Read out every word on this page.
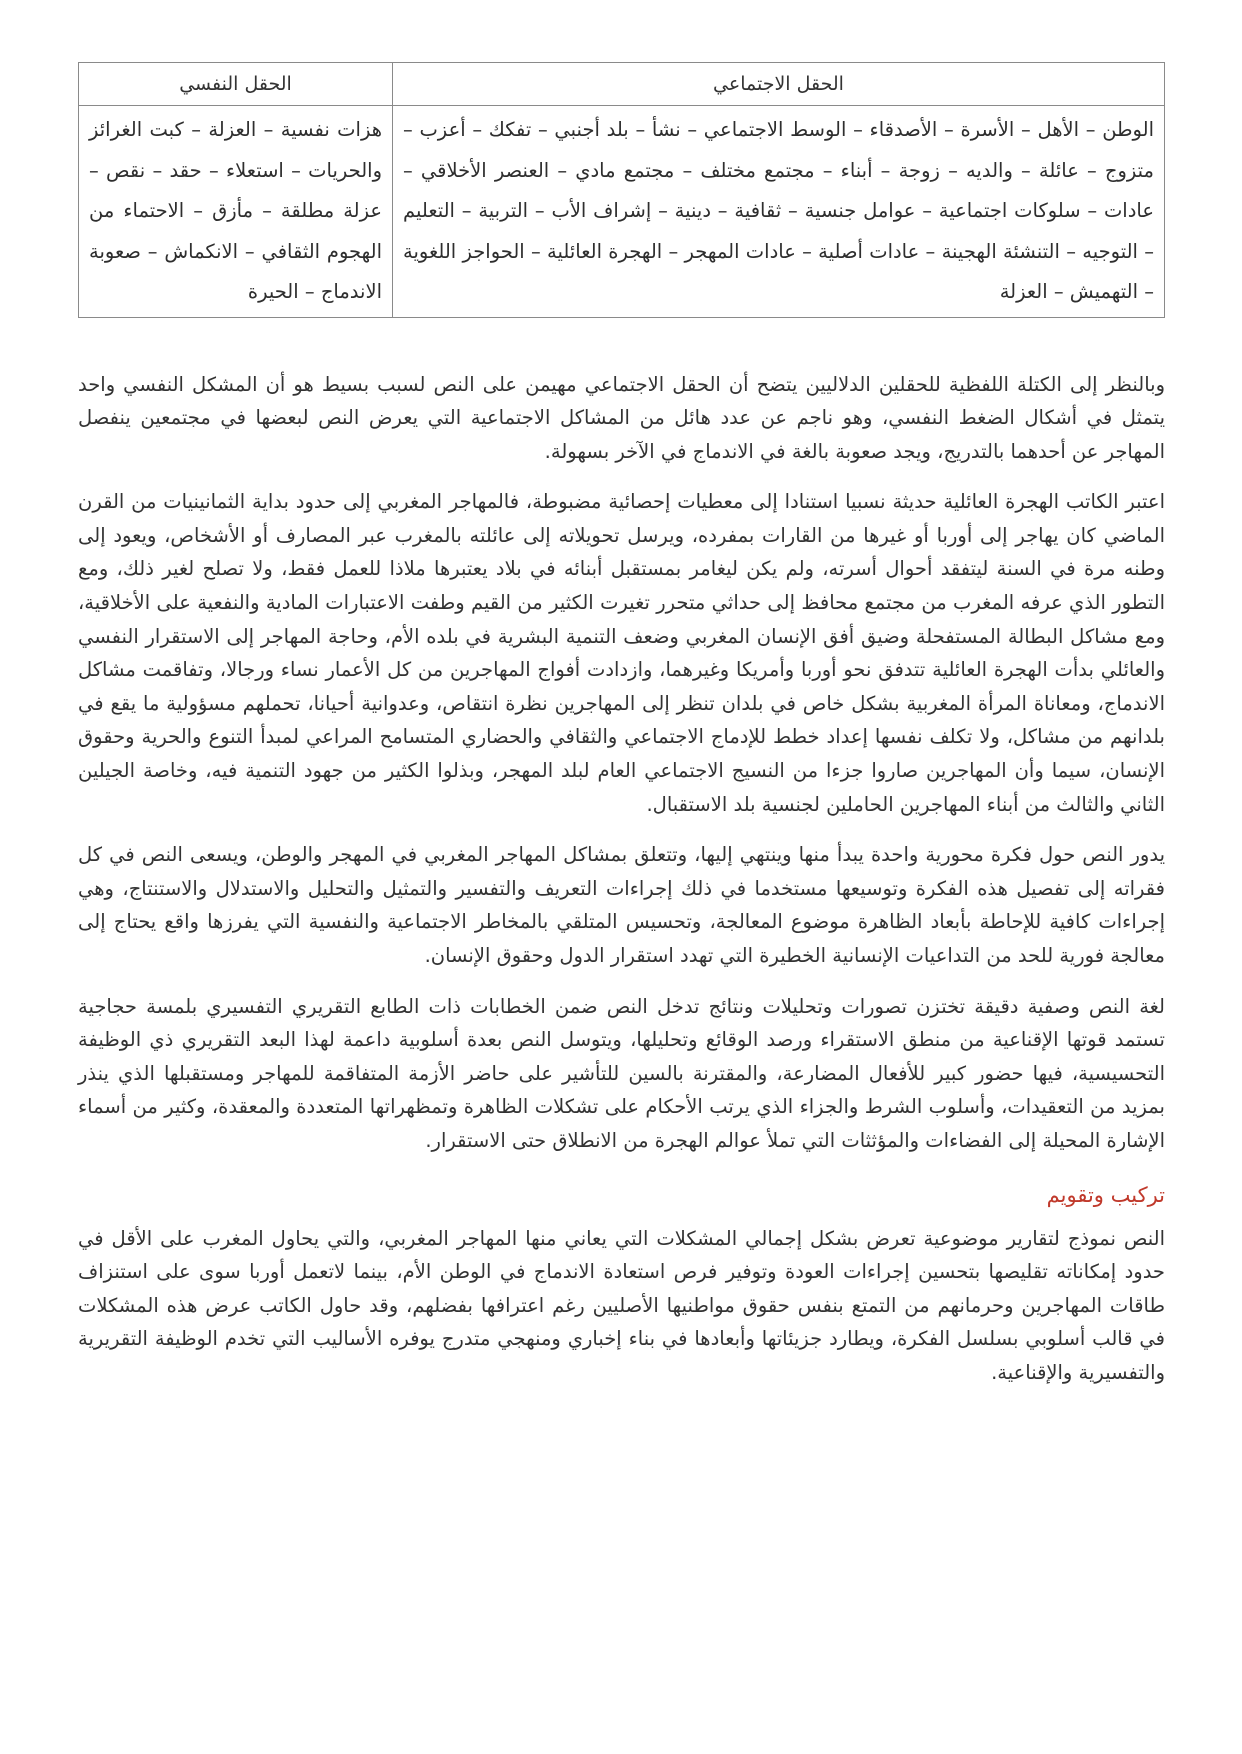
الحقل الاجتماعي	الحقل النفسي
الوطن – الأهل – الأسرة – الأصدقاء – الوسط الاجتماعي – نشأ – بلد أجنبي – تفكك – أعزب – متزوج – عائلة – والديه – زوجة – أبناء – مجتمع مختلف – مجتمع مادي – العنصر الأخلاقي – عادات – سلوكات اجتماعية – عوامل جنسية – ثقافية – دينية – إشراف الأب – التربية – التعليم – التوجيه – التنشئة الهجينة – عادات أصلية – عادات المهجر – الهجرة العائلية – الحواجز اللغوية – التهميش – العزلة	هزات نفسية – العزلة – كبت الغرائز والحريات – استعلاء – حقد – نقص – عزلة مطلقة – مأزق – الاحتماء من الهجوم الثقافي – الانكماش – صعوبة الاندماج – الحيرة

وبالنظر إلى الكتلة اللفظية للحقلين الدلاليين يتضح أن الحقل الاجتماعي مهيمن على النص لسبب بسيط هو أن المشكل النفسي واحد يتمثل في أشكال الضغط النفسي، وهو ناجم عن عدد هائل من المشاكل الاجتماعية التي يعرض النص لبعضها في مجتمعين ينفصل المهاجر عن أحدهما بالتدريج، ويجد صعوبة بالغة في الاندماج في الآخر بسهولة.

اعتبر الكاتب الهجرة العائلية حديثة نسبيا استنادا إلى معطيات إحصائية مضبوطة، فالمهاجر المغربي إلى حدود بداية الثمانينيات من القرن الماضي كان يهاجر إلى أوربا أو غيرها من القارات بمفرده، ويرسل تحويلاته إلى عائلته بالمغرب عبر المصارف أو الأشخاص، ويعود إلى وطنه مرة في السنة ليتفقد أحوال أسرته، ولم يكن ليغامر بمستقبل أبنائه في بلاد يعتبرها ملاذا للعمل فقط، ولا تصلح لغير ذلك، ومع التطور الذي عرفه المغرب من مجتمع محافظ إلى حداثي متحرر تغيرت الكثير من القيم وطفت الاعتبارات المادية والنفعية على الأخلاقية، ومع مشاكل البطالة المستفحلة وضيق أفق الإنسان المغربي وضعف التنمية البشرية في بلده الأم، وحاجة المهاجر إلى الاستقرار النفسي والعائلي بدأت الهجرة العائلية تتدفق نحو أوربا وأمريكا وغيرهما، وازدادت أفواج المهاجرين من كل الأعمار نساء ورجالا، وتفاقمت مشاكل الاندماج، ومعاناة المرأة المغربية بشكل خاص في بلدان تنظر إلى المهاجرين نظرة انتقاص، وعدوانية أحيانا، تحملهم مسؤولية ما يقع في بلدانهم من مشاكل، ولا تكلف نفسها إعداد خطط للإدماج الاجتماعي والثقافي والحضاري المتسامح المراعي لمبدأ التنوع والحرية وحقوق الإنسان، سيما وأن المهاجرين صاروا جزءا من النسيج الاجتماعي العام لبلد المهجر، وبذلوا الكثير من جهود التنمية فيه، وخاصة الجيلين الثاني والثالث من أبناء المهاجرين الحاملين لجنسية بلد الاستقبال.

يدور النص حول فكرة محورية واحدة يبدأ منها وينتهي إليها، وتتعلق بمشاكل المهاجر المغربي في المهجر والوطن، ويسعى النص في كل فقراته إلى تفصيل هذه الفكرة وتوسيعها مستخدما في ذلك إجراءات التعريف والتفسير والتمثيل والتحليل والاستدلال والاستنتاج، وهي إجراءات كافية للإحاطة بأبعاد الظاهرة موضوع المعالجة، وتحسيس المتلقي بالمخاطر الاجتماعية والنفسية التي يفرزها واقع يحتاج إلى معالجة فورية للحد من التداعيات الإنسانية الخطيرة التي تهدد استقرار الدول وحقوق الإنسان.

لغة النص وصفية دقيقة تختزن تصورات وتحليلات ونتائج تدخل النص ضمن الخطابات ذات الطابع التقريري التفسيري بلمسة حجاجية تستمد قوتها الإقناعية من منطق الاستقراء ورصد الوقائع وتحليلها، ويتوسل النص بعدة أسلوبية داعمة لهذا البعد التقريري ذي الوظيفة التحسيسية، فيها حضور كبير للأفعال المضارعة، والمقترنة بالسين للتأشير على حاضر الأزمة المتفاقمة للمهاجر ومستقبلها الذي ينذر بمزيد من التعقيدات، وأسلوب الشرط والجزاء الذي يرتب الأحكام على تشكلات الظاهرة وتمظهراتها المتعددة والمعقدة، وكثير من أسماء الإشارة المحيلة إلى الفضاءات والمؤثثات التي تملأ عوالم الهجرة من الانطلاق حتى الاستقرار.

تركيب وتقويم

النص نموذج لتقارير موضوعية تعرض بشكل إجمالي المشكلات التي يعاني منها المهاجر المغربي، والتي يحاول المغرب على الأقل في حدود إمكاناته تقليصها بتحسين إجراءات العودة وتوفير فرص استعادة الاندماج في الوطن الأم، بينما لاتعمل أوربا سوى على استنزاف طاقات المهاجرين وحرمانهم من التمتع بنفس حقوق مواطنيها الأصليين رغم اعترافها بفضلهم، وقد حاول الكاتب عرض هذه المشكلات في قالب أسلوبي بسلسل الفكرة، ويطارد جزيئاتها وأبعادها في بناء إخباري ومنهجي متدرج يوفره الأساليب التي تخدم الوظيفة التقريرية والتفسيرية والإقناعية.
